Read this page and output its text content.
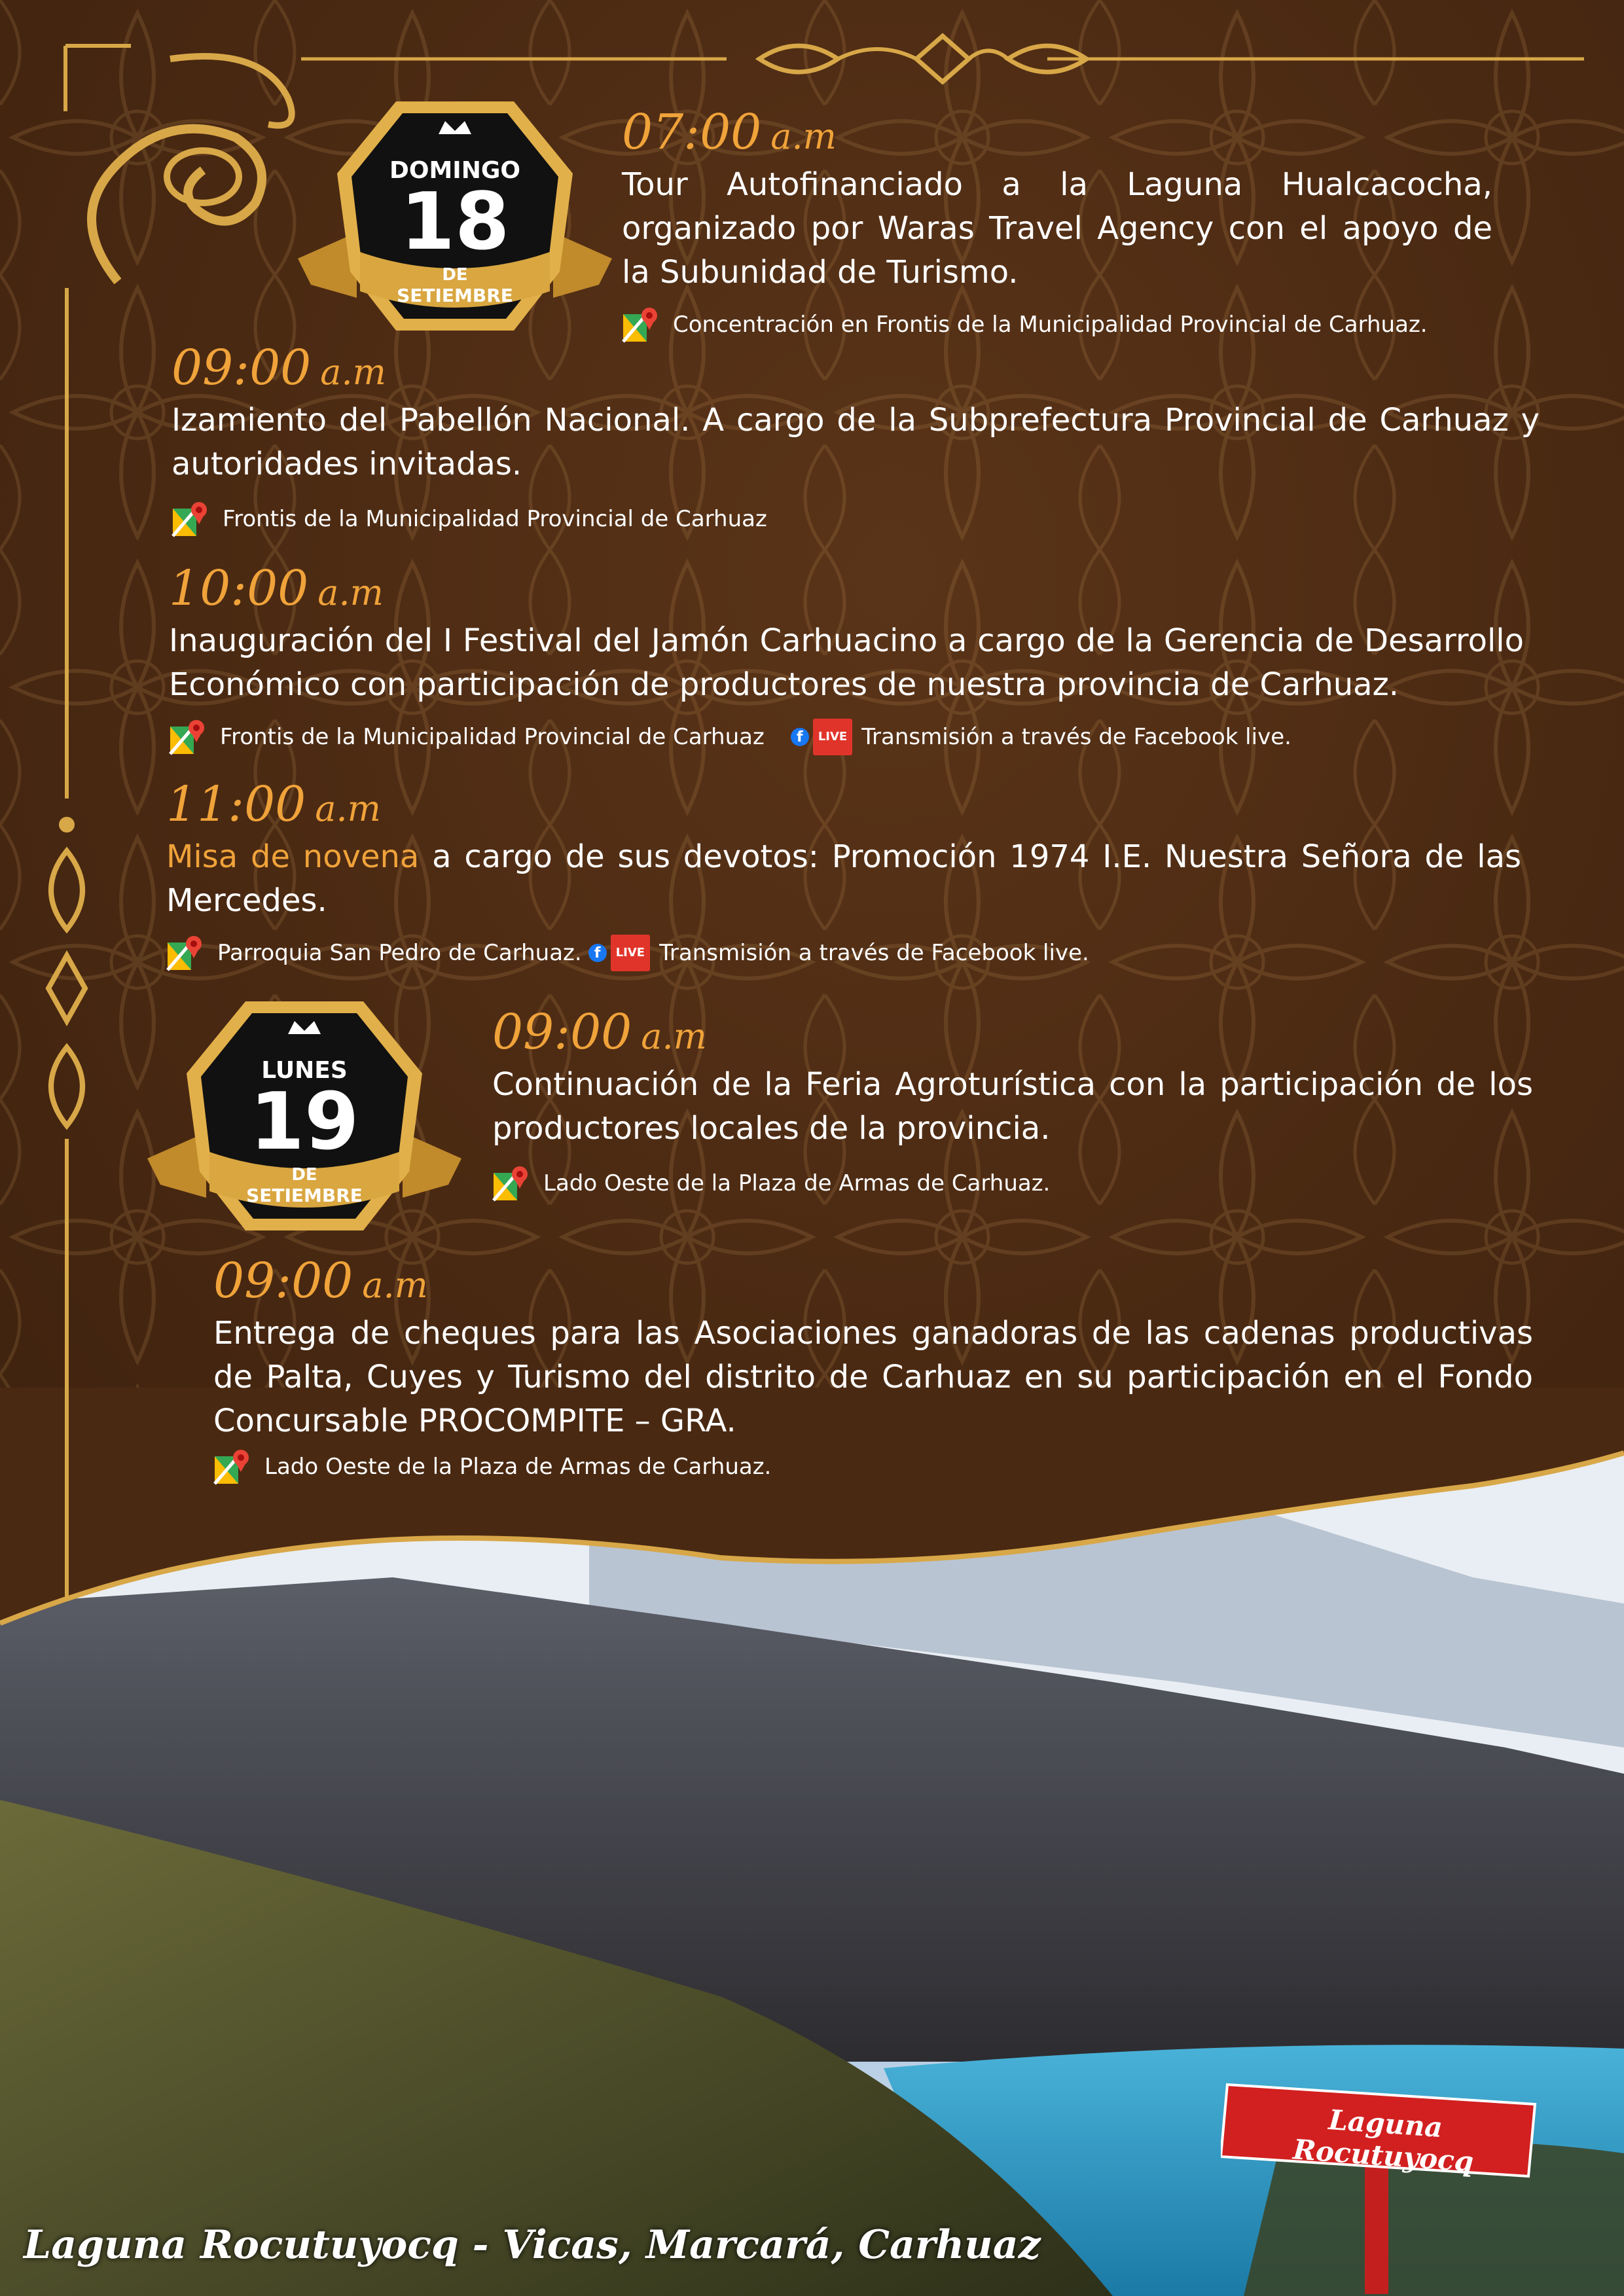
DOMINGO
18
DE
SETIEMBRE
LUNES
19
DE
SETIEMBRE
07:00 a.m
Tour Autofinanciado a la Laguna Hualcacocha, organizado por Waras Travel Agency con el apoyo de la Subunidad de Turismo.
Concentración en Frontis de la Municipalidad Provincial de Carhuaz.
09:00 a.m
Izamiento del Pabellón Nacional. A cargo de la Subprefectura Provincial de Carhuaz y autoridades invitadas.
Frontis de la Municipalidad Provincial de Carhuaz
10:00 a.m
Inauguración del I Festival del Jamón Carhuacino a cargo de la Gerencia de Desarrollo Económico con participación de productores de nuestra provincia de Carhuaz.
Frontis de la Municipalidad Provincial de Carhuaz	f	LIVE Transmisión a través de Facebook live.
11:00 a.m
Misa de novena a cargo de sus devotos: Promoción 1974 I.E. Nuestra Señora de las Mercedes.
Parroquia San Pedro de Carhuaz. f	LIVE Transmisión a través de Facebook live.
09:00 a.m
Continuación de la Feria Agroturística con la participación de los productores locales de la provincia.
Lado Oeste de la Plaza de Armas de Carhuaz.
09:00 a.m
Entrega de cheques para las Asociaciones ganadoras de las cadenas productivas de Palta, Cuyes y Turismo del distrito de Carhuaz en su participación en el Fondo Concursable PROCOMPITE – GRA.
Lado Oeste de la Plaza de Armas de Carhuaz.
Laguna Rocutuyocq
Laguna Rocutuyocq - Vicas, Marcará, Carhuaz
